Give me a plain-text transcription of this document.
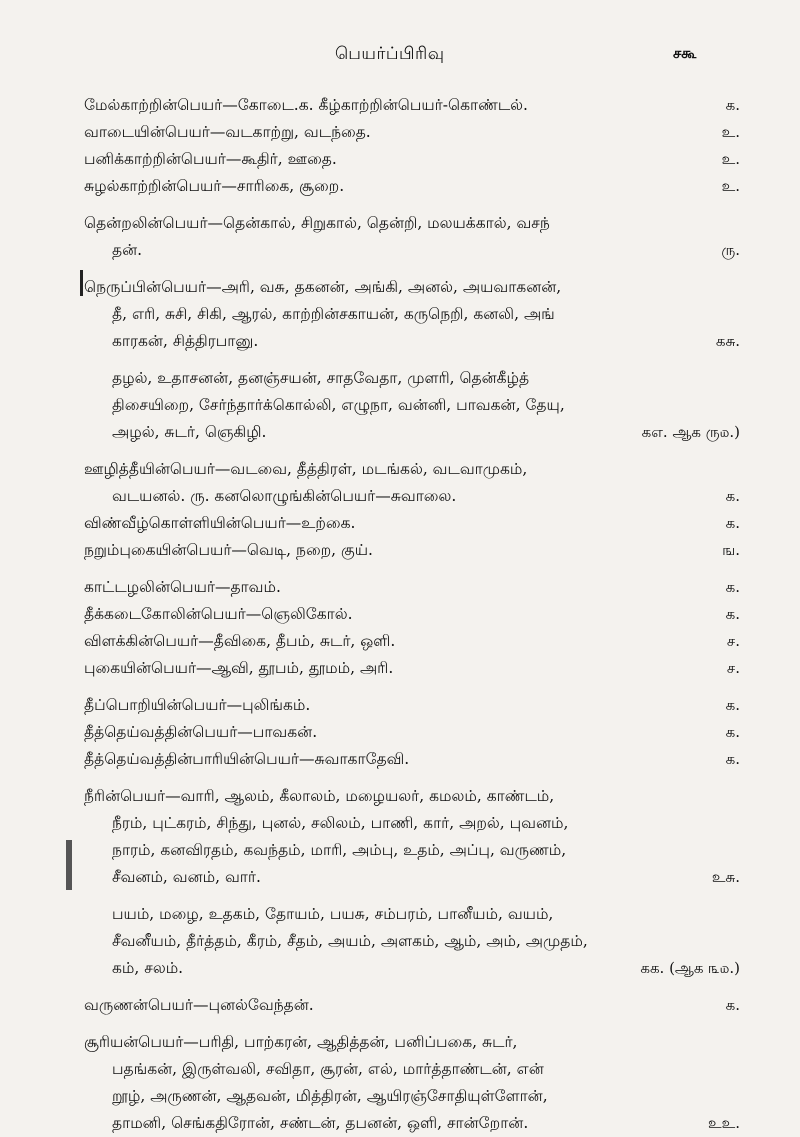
பெயர்ப்பிரிவு	சகூ
மேல்காற்றின்பெயர்—கோடை.க. கீழ்காற்றின்பெயர்-கொண்டல்.	க.
வாடையின்பெயர்—வடகாற்று, வடந்தை.	உ.
பனிக்காற்றின்பெயர்—கூதிர், ஊதை.	உ.
சுழல்காற்றின்பெயர்—சாரிகை, சூறை.	உ.
தென்றலின்பெயர்—தென்கால், சிறுகால், தென்றி, மலயக்கால், வசந்
தன்.	ரு.
நெருப்பின்பெயர்—அரி, வசு, தகனன், அங்கி, அனல், அயவாகனன்,
தீ, எரி, சுசி, சிகி, ஆரல், காற்றின்சகாயன், கருநெறி, கனலி, அங்
காரகன், சித்திரபானு.	கசு.
தழல், உதாசனன், தனஞ்சயன், சாதவேதா, முளரி, தென்கீழ்த்
திசையிறை, சேர்ந்தார்க்கொல்லி, எழுநா, வன்னி, பாவகன், தேயு,
அழல், சுடர், ஞெகிழி.	கஎ. ஆக ரு௰.)
ஊழித்தீயின்பெயர்—வடவை, தீத்திரள், மடங்கல், வடவாமுகம்,
வடயனல். ரு. கனலொழுங்கின்பெயர்—சுவாலை.	க.
விண்வீழ்கொள்ளியின்பெயர்—உற்கை.	க.
நறும்புகையின்பெயர்—வெடி, நறை, குய்.	ங.
காட்டழலின்பெயர்—தாவம்.	க.
தீக்கடைகோலின்பெயர்—ஞெலிகோல்.	க.
விளக்கின்பெயர்—தீவிகை, தீபம், சுடர், ஒளி.	ச.
புகையின்பெயர்—ஆவி, தூபம், தூமம், அரி.	ச.
தீப்பொறியின்பெயர்—புலிங்கம்.	க.
தீத்தெய்வத்தின்பெயர்—பாவகன்.	க.
தீத்தெய்வத்தின்பாரியின்பெயர்—சுவாகாதேவி.	க.
நீரின்பெயர்—வாரி, ஆலம், கீலாலம், மழையலர், கமலம், காண்டம்,
நீரம், புட்கரம், சிந்து, புனல், சலிலம், பாணி, கார், அறல், புவனம்,
நாரம், கனவிரதம், கவந்தம், மாரி, அம்பு, உதம், அப்பு, வருணம்,
சீவனம், வனம், வார்.	உசு.
பயம், மழை, உதகம், தோயம், பயசு, சம்பரம், பானீயம், வயம்,
சீவனீயம், தீர்த்தம், கீரம், சீதம், அயம், அளகம், ஆம், அம், அமுதம்,
கம், சலம்.	கக. (ஆக ௩௰.)
வருணன்பெயர்—புனல்வேந்தன்.	க.
சூரியன்பெயர்—பரிதி, பாற்கரன், ஆதித்தன், பனிப்பகை, சுடர்,
பதங்கன், இருள்வலி, சவிதா, சூரன், எல், மார்த்தாண்டன், என்
றூழ், அருணன், ஆதவன், மித்திரன், ஆயிரஞ்சோதியுள்ளோன்,
தாமனி, செங்கதிரோன், சண்டன், தபனன், ஒளி, சான்றோன்.	உஉ.
